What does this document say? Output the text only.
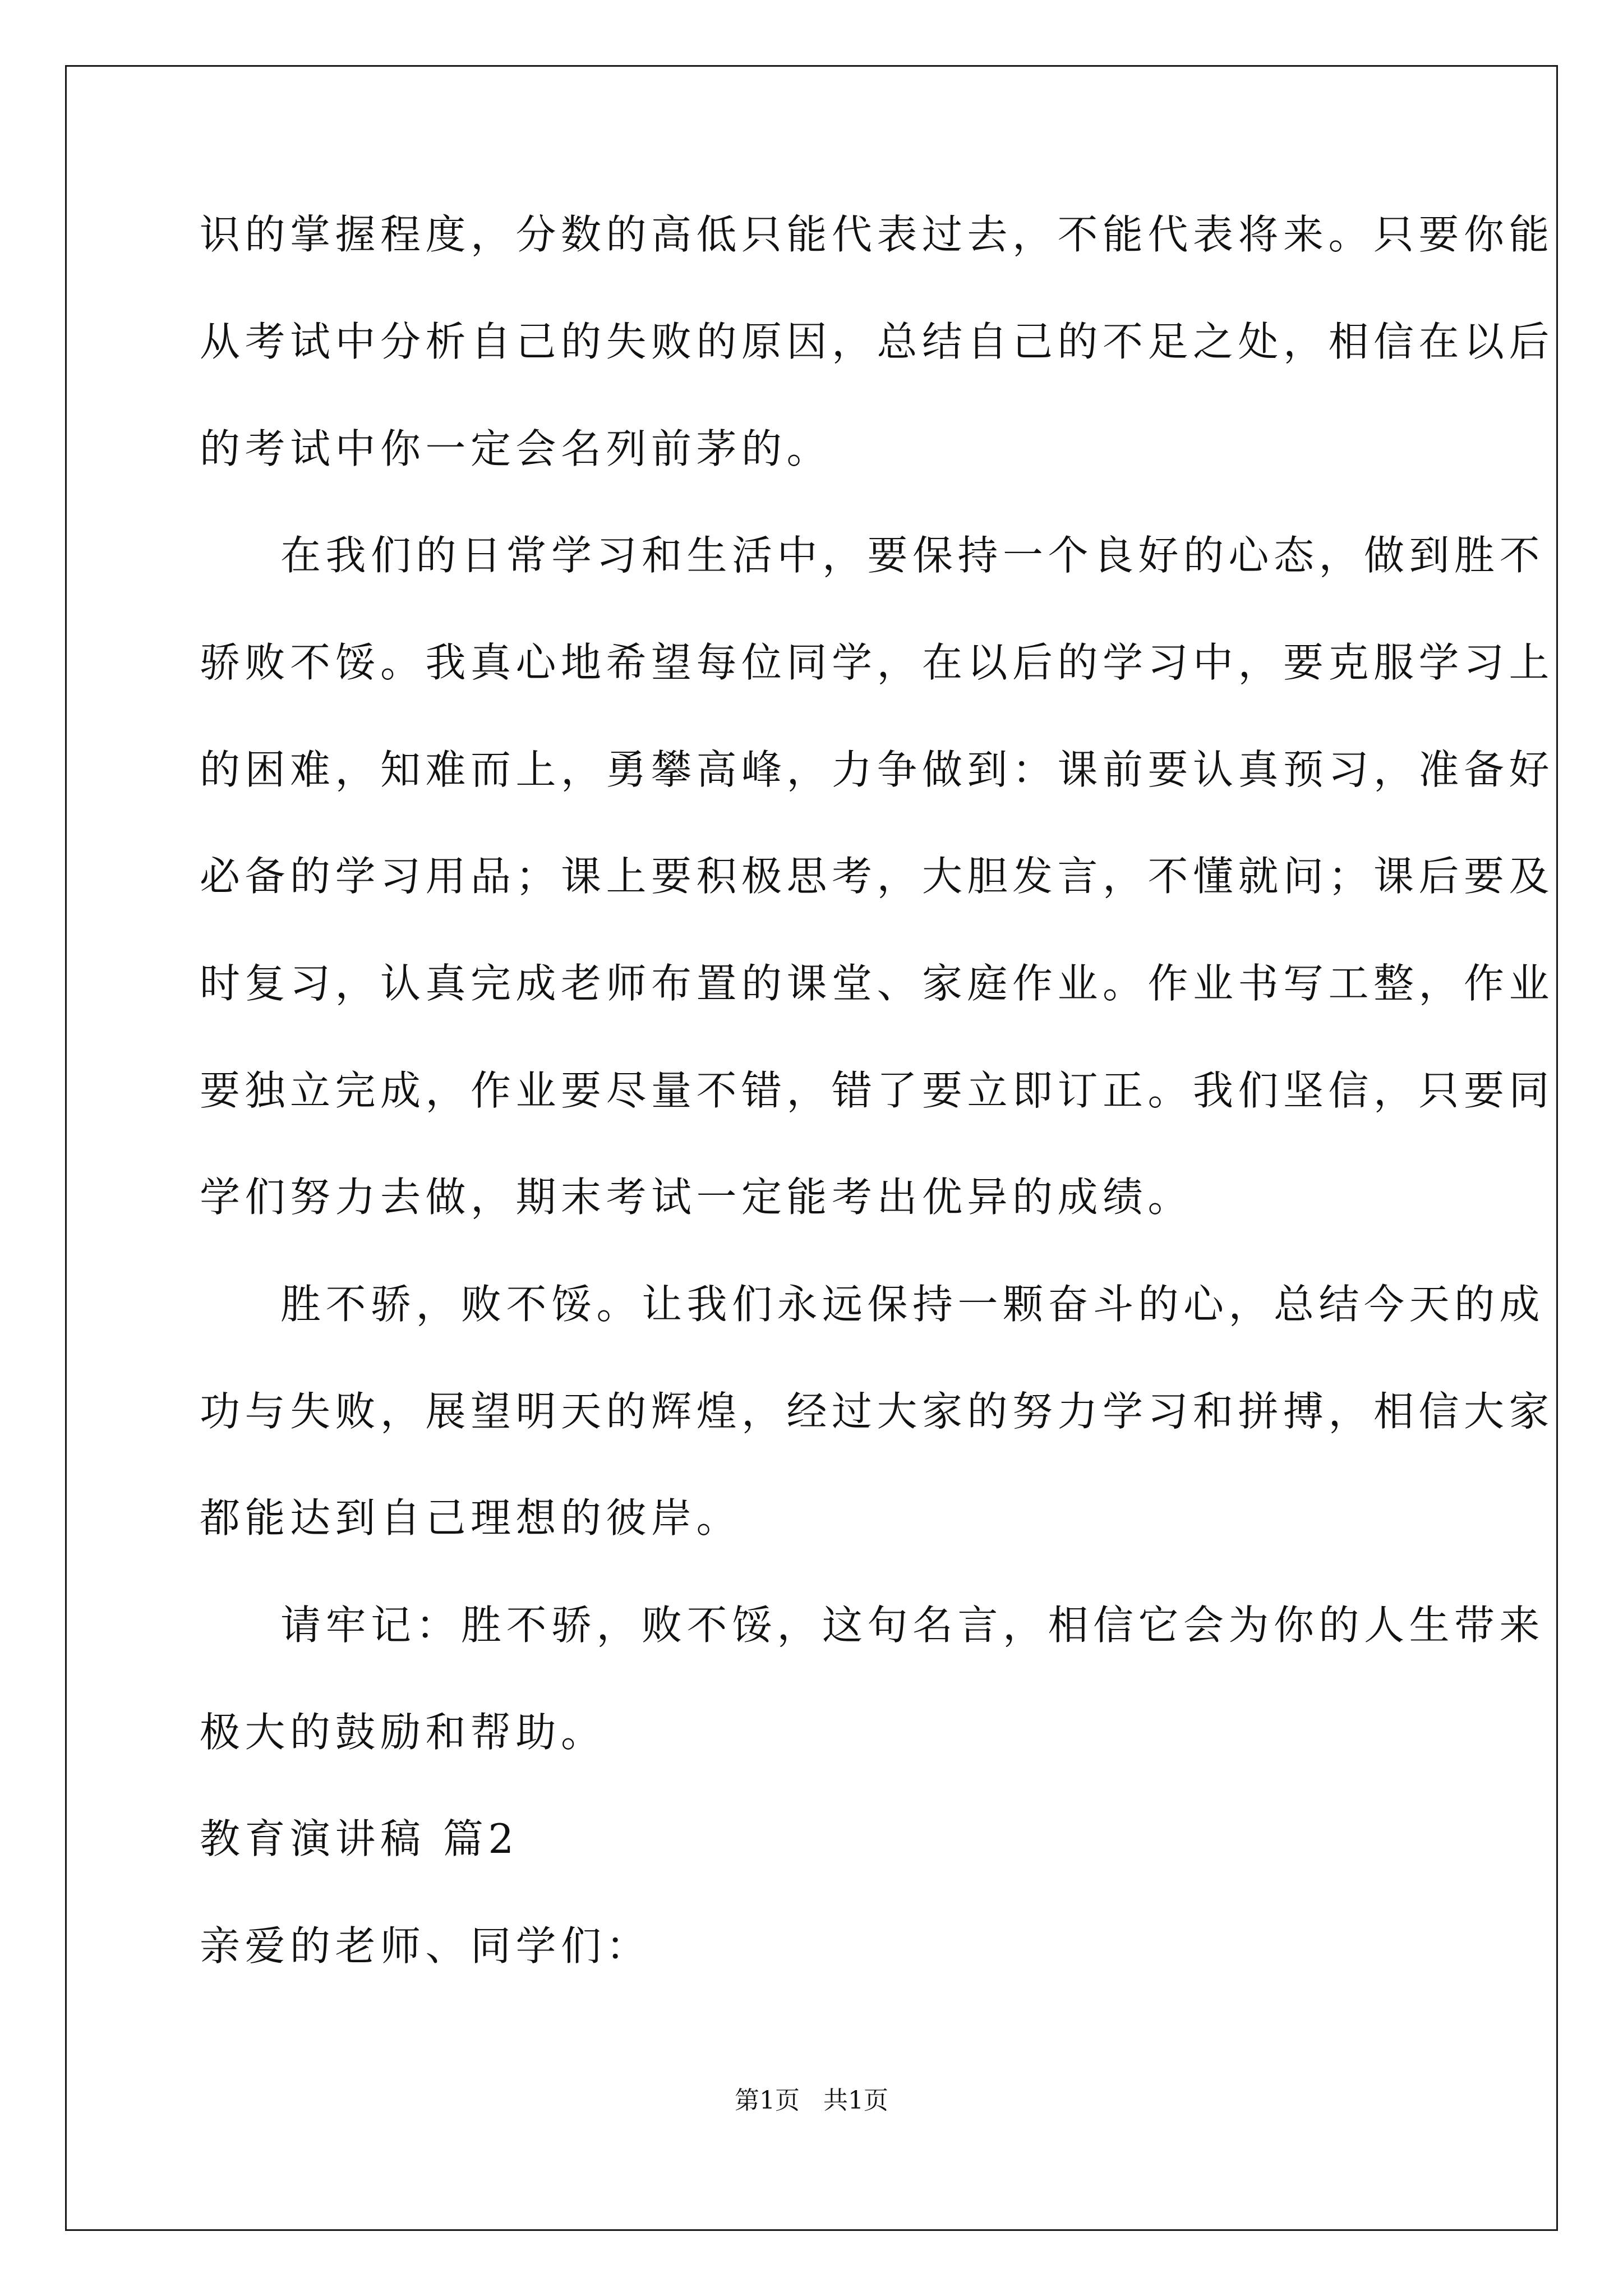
识的掌握程度，分数的高低只能代表过去，不能代表将来。只要你能
从考试中分析自己的失败的原因，总结自己的不足之处，相信在以后
的考试中你一定会名列前茅的。
在我们的日常学习和生活中，要保持一个良好的心态，做到胜不
骄败不馁。我真心地希望每位同学，在以后的学习中，要克服学习上
的困难，知难而上，勇攀高峰，力争做到：课前要认真预习，准备好
必备的学习用品；课上要积极思考，大胆发言，不懂就问；课后要及
时复习，认真完成老师布置的课堂、家庭作业。作业书写工整，作业
要独立完成，作业要尽量不错，错了要立即订正。我们坚信，只要同
学们努力去做，期末考试一定能考出优异的成绩。
胜不骄，败不馁。让我们永远保持一颗奋斗的心，总结今天的成
功与失败，展望明天的辉煌，经过大家的努力学习和拼搏，相信大家
都能达到自己理想的彼岸。
请牢记：胜不骄，败不馁，这句名言，相信它会为你的人生带来
极大的鼓励和帮助。
教育演讲稿 篇2
亲爱的老师、同学们：
第1页   共1页
